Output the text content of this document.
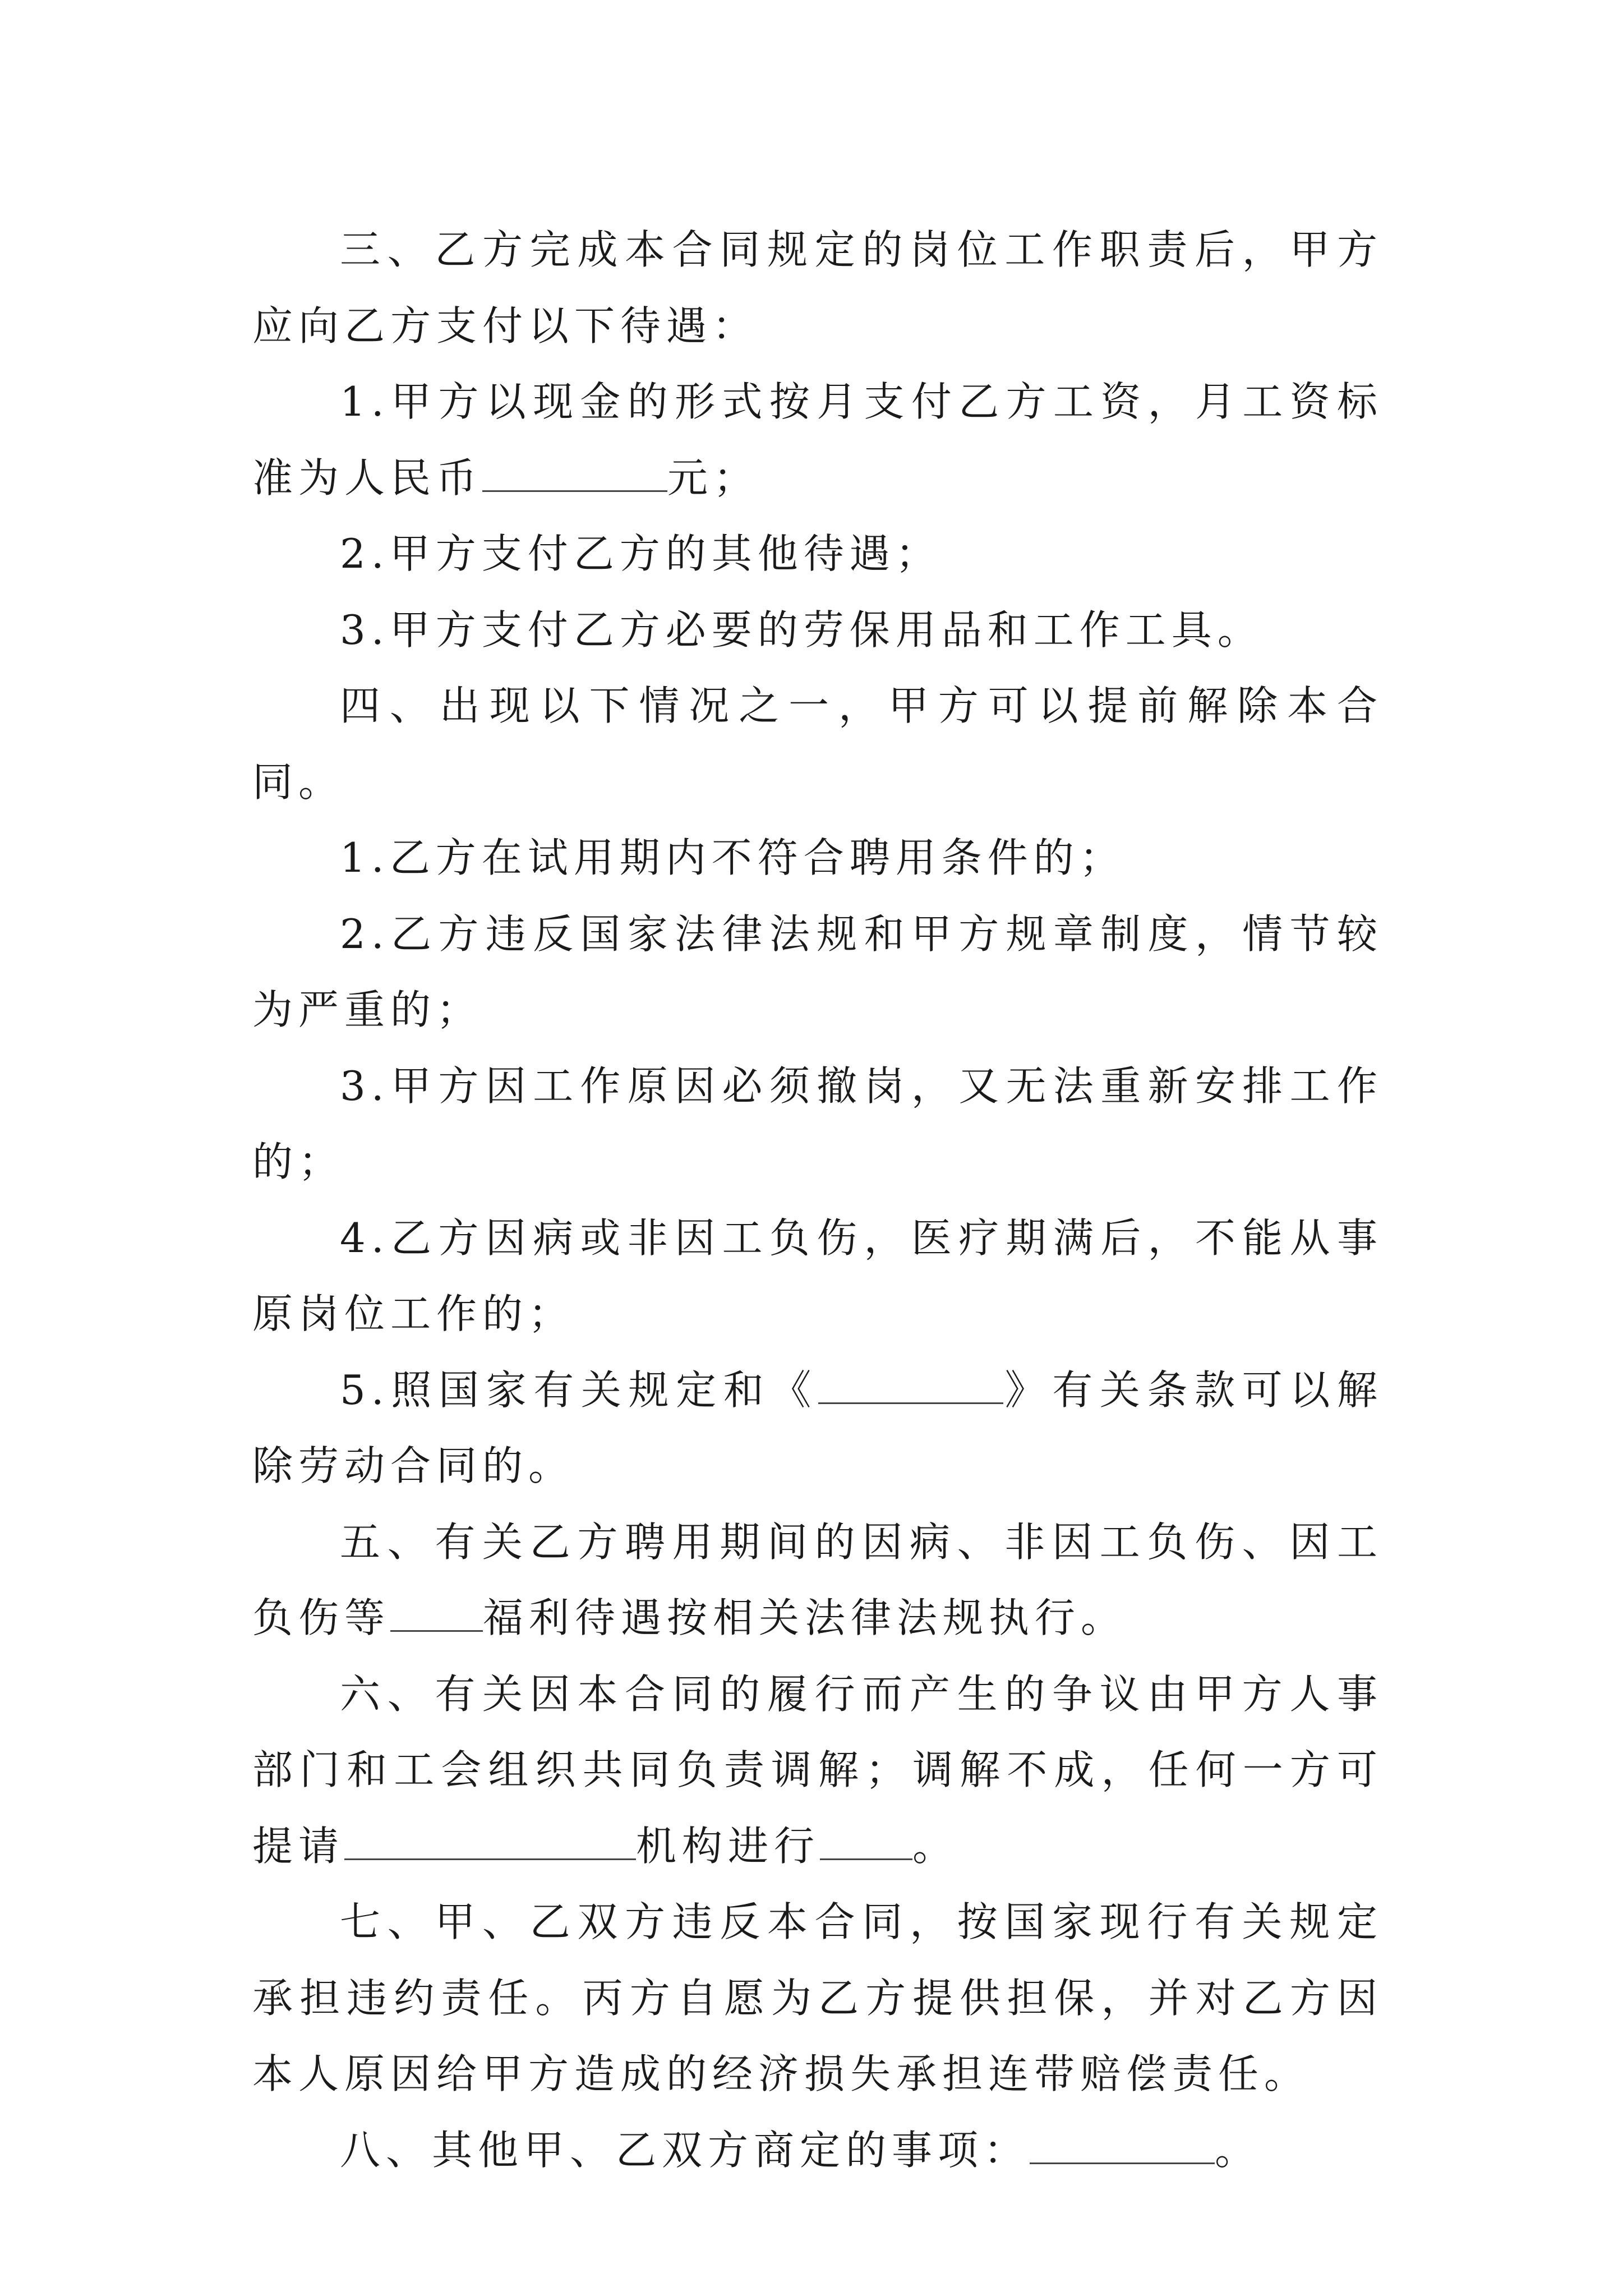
三、乙方完成本合同规定的岗位工作职责后，甲方应向乙方支付以下待遇：

1.甲方以现金的形式按月支付乙方工资，月工资标准为人民币	元；

2.甲方支付乙方的其他待遇；

3.甲方支付乙方必要的劳保用品和工作工具。

四、出现以下情况之一，甲方可以提前解除本合同。

1.乙方在试用期内不符合聘用条件的；

2.乙方违反国家法律法规和甲方规章制度，情节较为严重的；

3.甲方因工作原因必须撤岗，又无法重新安排工作的；

4.乙方因病或非因工负伤，医疗期满后，不能从事原岗位工作的；

5.照国家有关规定和《	》有关条款可以解除劳动合同的。

五、有关乙方聘用期间的因病、非因工负伤、因工负伤等 福利待遇按相关法律法规执行。

六、有关因本合同的履行而产生的争议由甲方人事部门和工会组织共同负责调解；调解不成，任何一方可提请	机构进行 。

七、甲、乙双方违反本合同，按国家现行有关规定承担违约责任。丙方自愿为乙方提供担保，并对乙方因本人原因给甲方造成的经济损失承担连带赔偿责任。

八、其他甲、乙双方商定的事项：	。
